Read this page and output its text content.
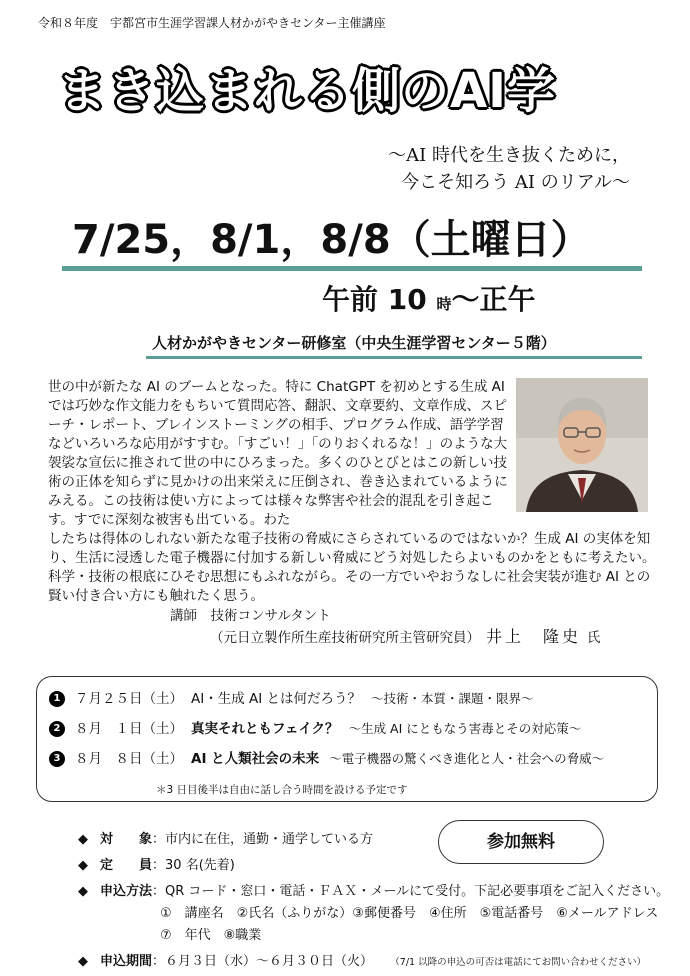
令和８年度　宇都宮市生涯学習課人材かがやきセンター主催講座
まき込まれる側のAI学
～AI 時代を生き抜くために，
今こそ知ろう AI のリアル～
7/25，8/1，8/8（土曜日）
午前 10 時～正午
人材かがやきセンター研修室（中央生涯学習センター５階）
世の中が新たな AI のブームとなった。特に ChatGPT を初めとする生成 AI では巧妙な作文能力をもちいて質問応答、翻訳、文章要約、文章作成、スピーチ・レポート、ブレインストーミングの相手、プログラム作成、語学学習などいろいろな応用がすすむ。「すごい！」「のりおくれるな！」のような大袈裟な宣伝に推されて世の中にひろまった。多くのひとびとはこの新しい技術の正体を知らずに見かけの出来栄えに圧倒され、巻き込まれているようにみえる。この技術は使い方によっては様々な弊害や社会的混乱を引き起こす。すでに深刻な被害も出ている。わた
したちは得体のしれない新たな電子技術の脅威にさらされているのではないか？生成 AI の実体を知り、生活に浸透した電子機器に付加する新しい脅威にどう対処したらよいものかをともに考えたい。科学・技術の根底にひそむ思想にもふれながら。その一方でいやおうなしに社会実装が進む AI との賢い付き合い方にも触れたく思う。
講師　技術コンサルタント
（元日立製作所生産技術研究所主管研究員） 井上　隆史 氏
1 ７月２５日（土） AI・生成 AI とは何だろう？ ～技術・本質・課題・限界～
2 ８月　１日（土） 真実それともフェイク？ ～生成 AI にともなう害毒とその対応策～
3 ８月　８日（土） AI と人類社会の未来 ～電子機器の驚くべき進化と人・社会への脅威～
＊3 日目後半は自由に話し合う時間を設ける予定です
◆ 対　　象：市内に在住，通勤・通学している方
◆ 定　　員：30 名(先着)
◆ 申込方法：QR コード・窓口・電話・ＦＡＸ・メールにて受付。下記必要事項をご記入ください。
①　講座名　②氏名（ふりがな）③郵便番号　④住所　⑤電話番号　⑥メールアドレス
⑦　年代　⑧職業
◆ 申込期間：６月３日（水）～６月３０日（火） （7/1 以降の申込の可否は電話にてお問い合わせください）
参加無料
